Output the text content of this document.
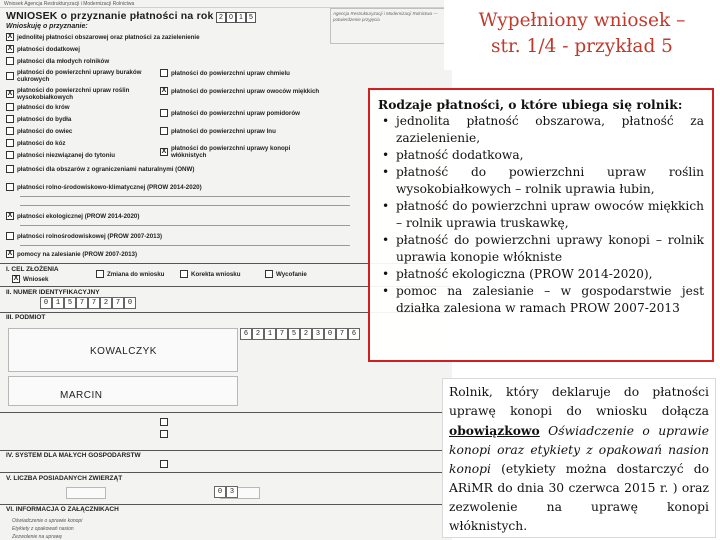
Wniosek Agencja Restrukturyzacji i Modernizacji Rolnictwa
WNIOSEK o przyznanie płatności na rok 2 0 1 5
Agencja Restrukturyzacji i Modernizacji Rolnictwa — potwierdzenie przyjęcia
Wnioskuję o przyznanie:
X jednolitej płatności obszarowej oraz płatności za zazielenienie
X płatności dodatkowej
płatności dla młodych rolników
płatności do powierzchni uprawy buraków cukrowych
X płatności do powierzchni upraw roślin wysokobiałkowych
płatności do krów
płatności do bydła
płatności do owiec
płatności do kóz
płatności niezwiązanej do tytoniu
płatności do powierzchni upraw chmielu
X płatności do powierzchni upraw owoców miękkich
płatności do powierzchni upraw pomidorów
płatności do powierzchni upraw lnu
X płatności do powierzchni uprawy konopi włóknistych
płatności dla obszarów z ograniczeniami naturalnymi (ONW)
płatności rolno-środowiskowo-klimatycznej (PROW 2014-2020)
X płatności ekologicznej (PROW 2014-2020)
płatności rolnośrodowiskowej (PROW 2007-2013)
X pomocy na zalesianie (PROW 2007-2013)
I. CEL ZŁOŻENIA
X Wniosek
Zmiana do wniosku	Korekta wniosku	Wycofanie
II. NUMER IDENTYFIKACYJNY
0	1	5	7	7	2	7	0
III. PODMIOT
KOWALCZYK
MARCIN
6	2	1	7	5	2	3	0	7	6
IV. SYSTEM DLA MAŁYCH GOSPODARSTW
V. LICZBA POSIADANYCH ZWIERZĄT
VI. INFORMACJA O ZAŁĄCZNIKACH
0	3
Oświadczenie o uprawie konopi
Etykiety z opakowań nasion
Zezwolenie na uprawę
Wypełniony wniosek –
str. 1/4 - przykład 5
Rodzaje płatności, o które ubiega się rolnik:
• jednolita płatność obszarowa, płatność za zazielenienie,
• płatność dodatkowa,
• płatność do powierzchni upraw roślin wysokobiałkowych – rolnik uprawia łubin,
• płatność do powierzchni upraw owoców miękkich – rolnik uprawia truskawkę,
• płatność do powierzchni uprawy konopi – rolnik uprawia konopie włókniste
• płatność ekologiczna (PROW 2014-2020),
• pomoc na zalesianie – w gospodarstwie jest działka zalesiona w ramach PROW 2007-2013
Rolnik, który deklaruje do płatności uprawę konopi do wniosku dołącza obowiązkowo Oświadczenie o uprawie konopi oraz etykiety z opakowań nasion konopi (etykiety można dostarczyć do ARiMR do dnia 30 czerwca 2015 r. ) oraz zezwolenie na uprawę konopi włóknistych.
